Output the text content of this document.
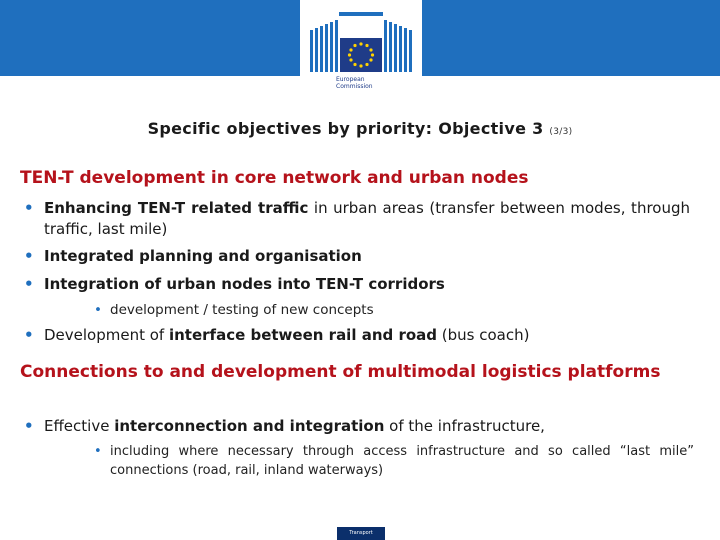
European
Commission
Specific objectives by priority: Objective 3 (3/3)
TEN-T development in core network and urban nodes
• Enhancing TEN-T related traffic in urban areas (transfer between modes, through traffic, last mile)
• Integrated planning and organisation
• Integration of urban nodes into TEN-T corridors
• development / testing of new concepts
• Development of interface between rail and road (bus coach)
Connections to and development of multimodal logistics platforms
• Effective interconnection and integration of the infrastructure,
• including where necessary through access infrastructure and so called “last mile” connections (road, rail, inland waterways)
Transport
